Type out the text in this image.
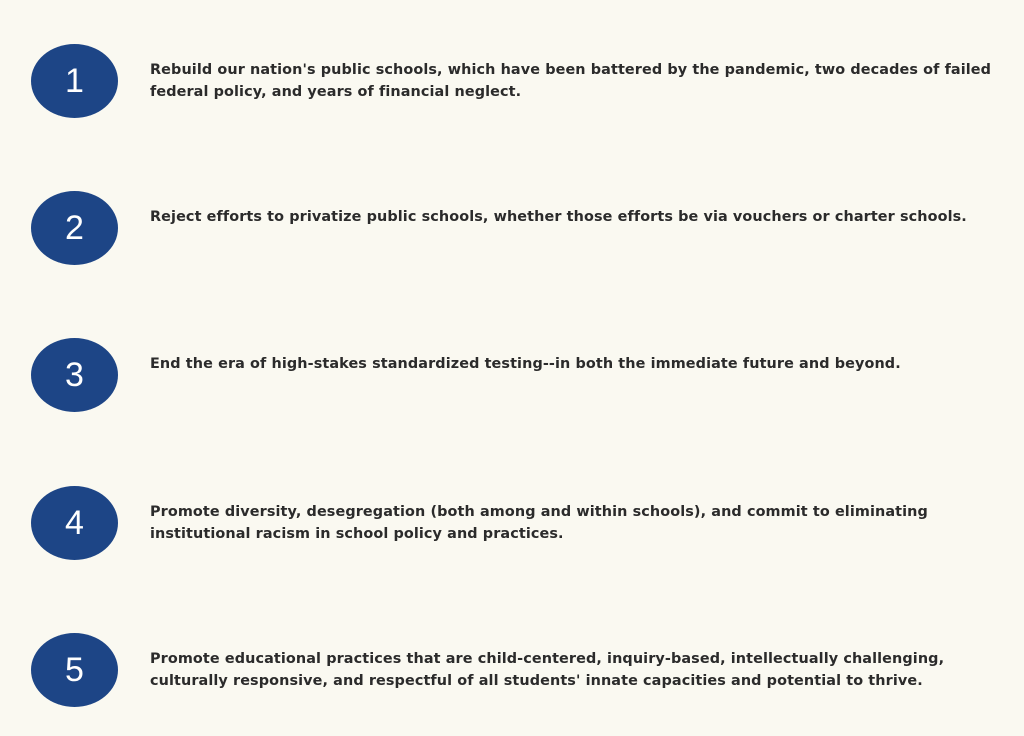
1	Rebuild our nation's public schools, which have been battered by the pandemic, two decades of failed federal policy, and years of financial neglect.

2	Reject efforts to privatize public schools, whether those efforts be via vouchers or charter schools.

3	End the era of high-stakes standardized testing--in both the immediate future and beyond.

4	Promote diversity, desegregation (both among and within schools), and commit to eliminating institutional racism in school policy and practices.

5	Promote educational practices that are child-centered, inquiry-based, intellectually challenging, culturally responsive, and respectful of all students' innate capacities and potential to thrive.
